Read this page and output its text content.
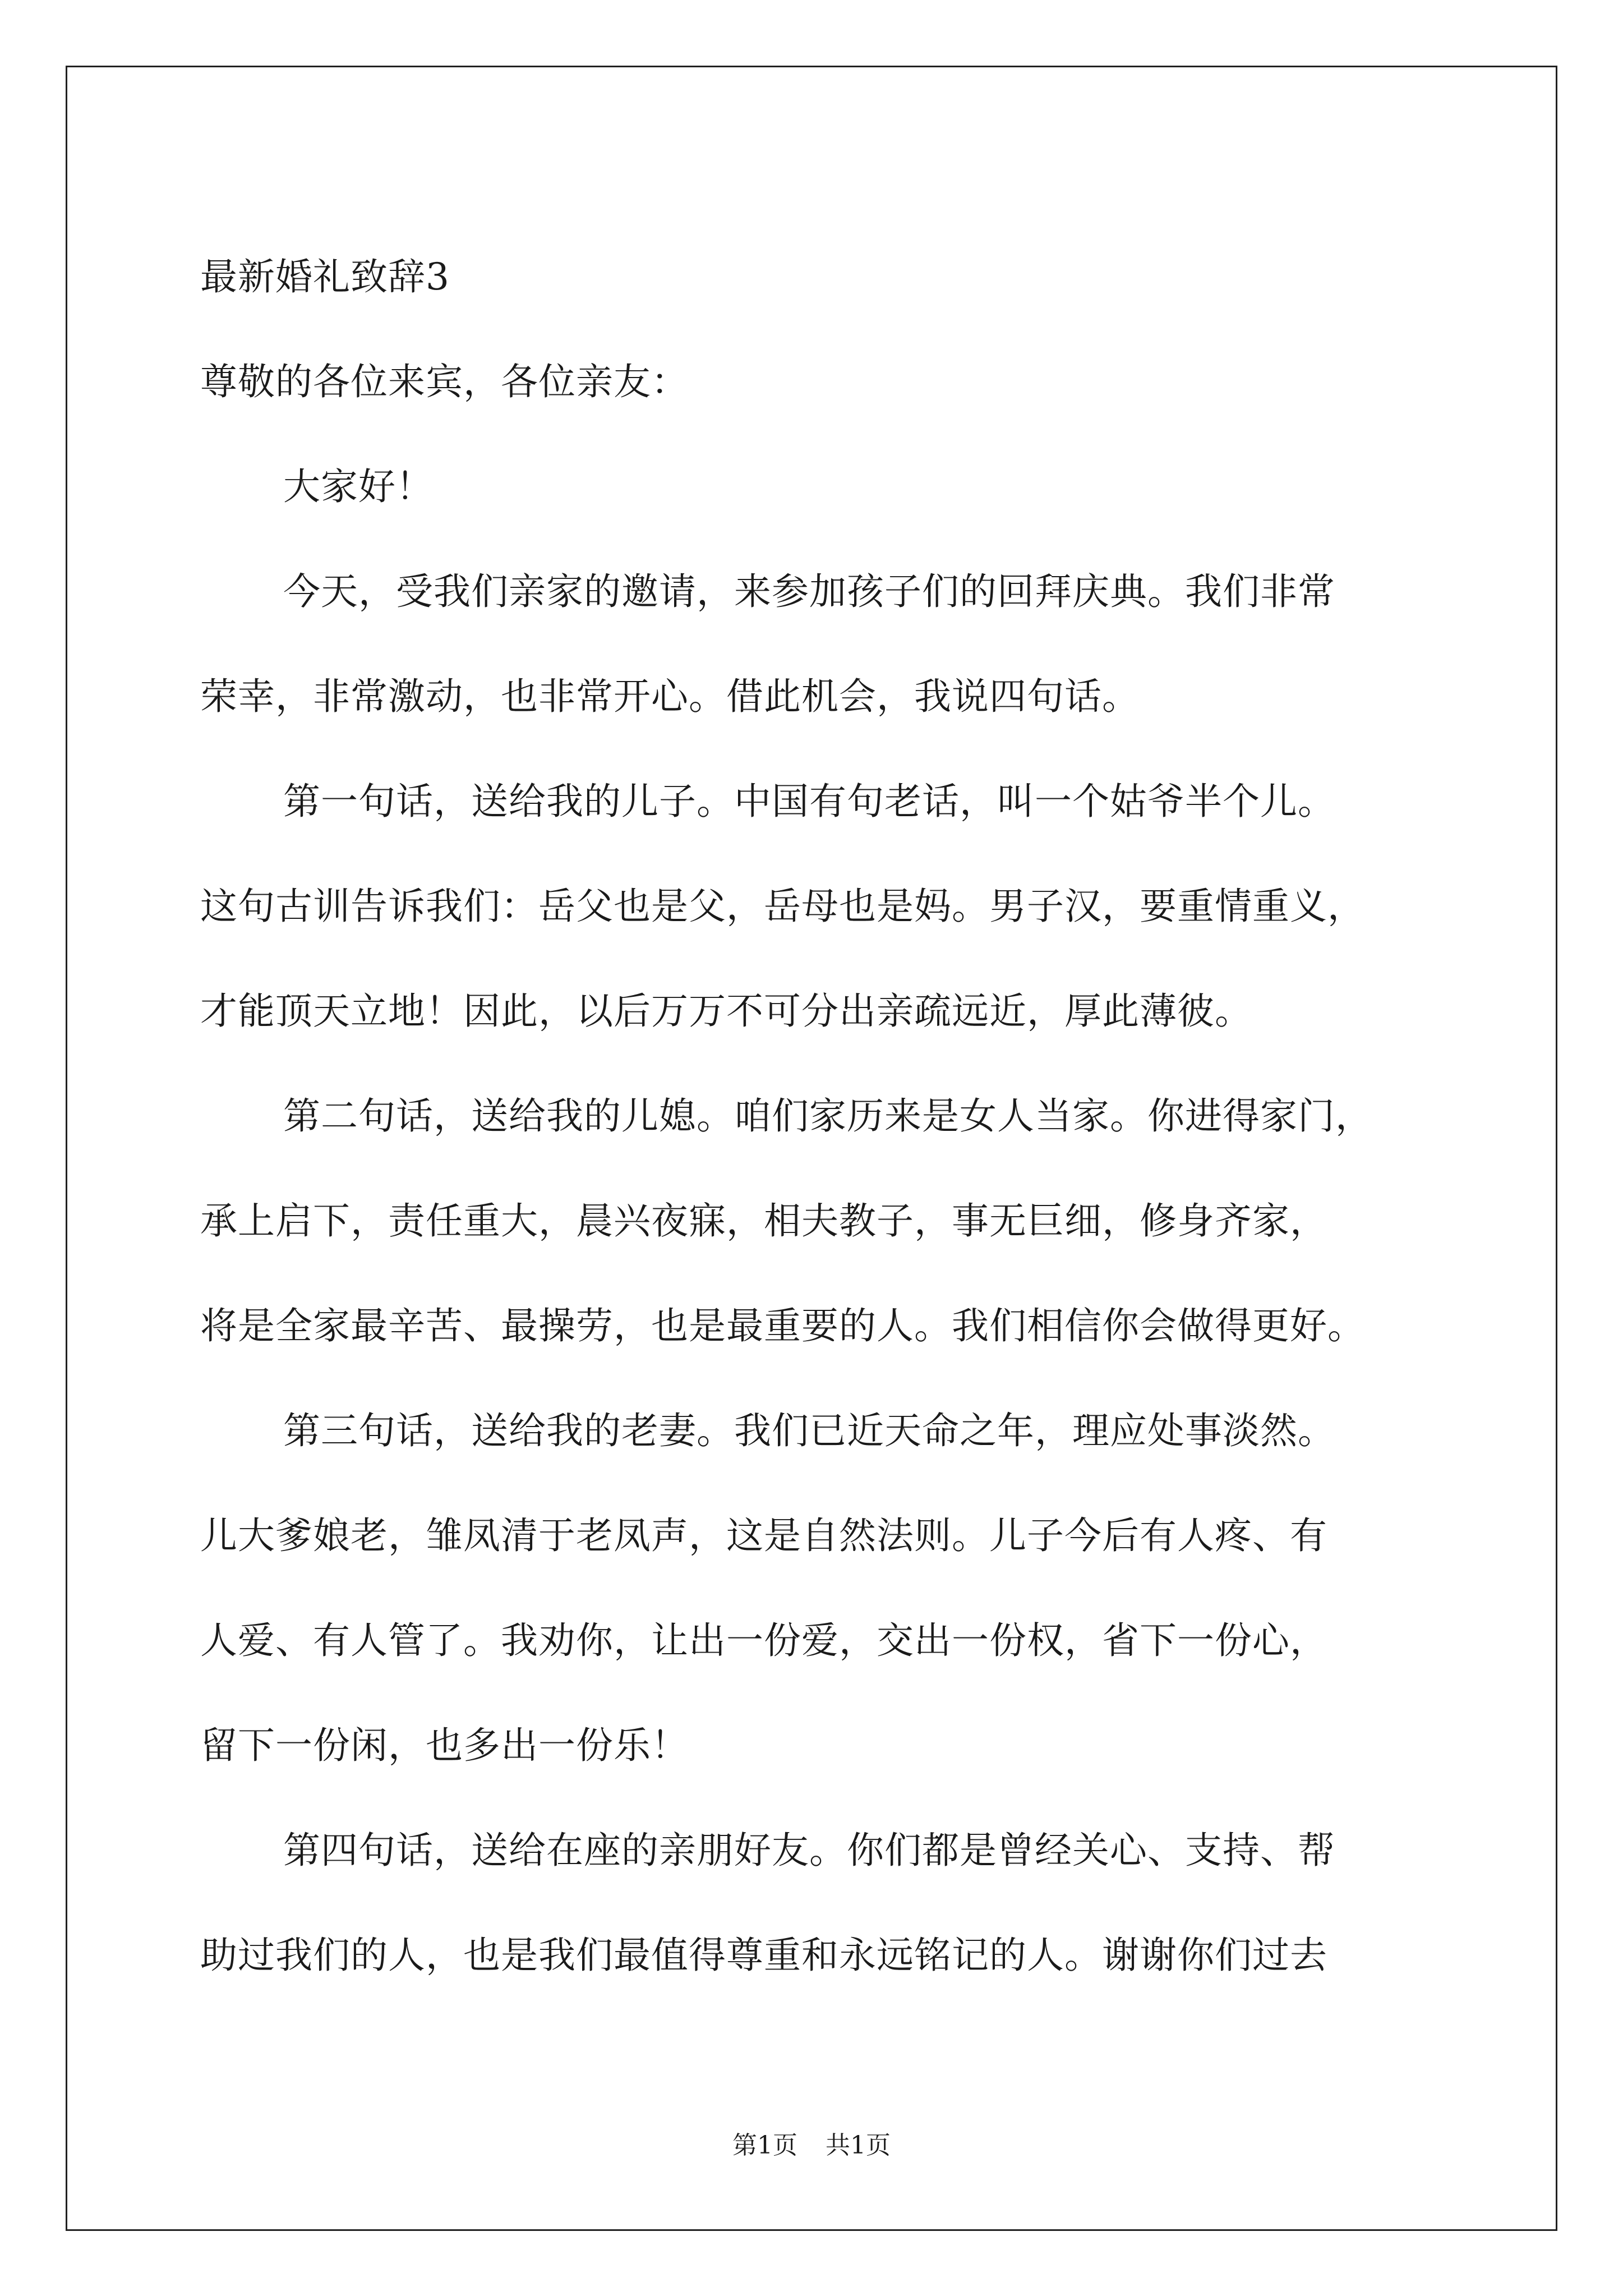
最新婚礼致辞3
尊敬的各位来宾，各位亲友：
大家好！
今天，受我们亲家的邀请，来参加孩子们的回拜庆典。我们非常
荣幸，非常激动，也非常开心。借此机会，我说四句话。
第一句话，送给我的儿子。中国有句老话，叫一个姑爷半个儿。
这句古训告诉我们：岳父也是父，岳母也是妈。男子汉，要重情重义，
才能顶天立地！因此，以后万万不可分出亲疏远近，厚此薄彼。
第二句话，送给我的儿媳。咱们家历来是女人当家。你进得家门，
承上启下，责任重大，晨兴夜寐，相夫教子，事无巨细，修身齐家，
将是全家最辛苦、最操劳，也是最重要的人。我们相信你会做得更好。
第三句话，送给我的老妻。我们已近天命之年，理应处事淡然。
儿大爹娘老，雏凤清于老凤声，这是自然法则。儿子今后有人疼、有
人爱、有人管了。我劝你，让出一份爱，交出一份权，省下一份心，
留下一份闲，也多出一份乐！
第四句话，送给在座的亲朋好友。你们都是曾经关心、支持、帮
助过我们的人，也是我们最值得尊重和永远铭记的人。谢谢你们过去
第1页 共1页
